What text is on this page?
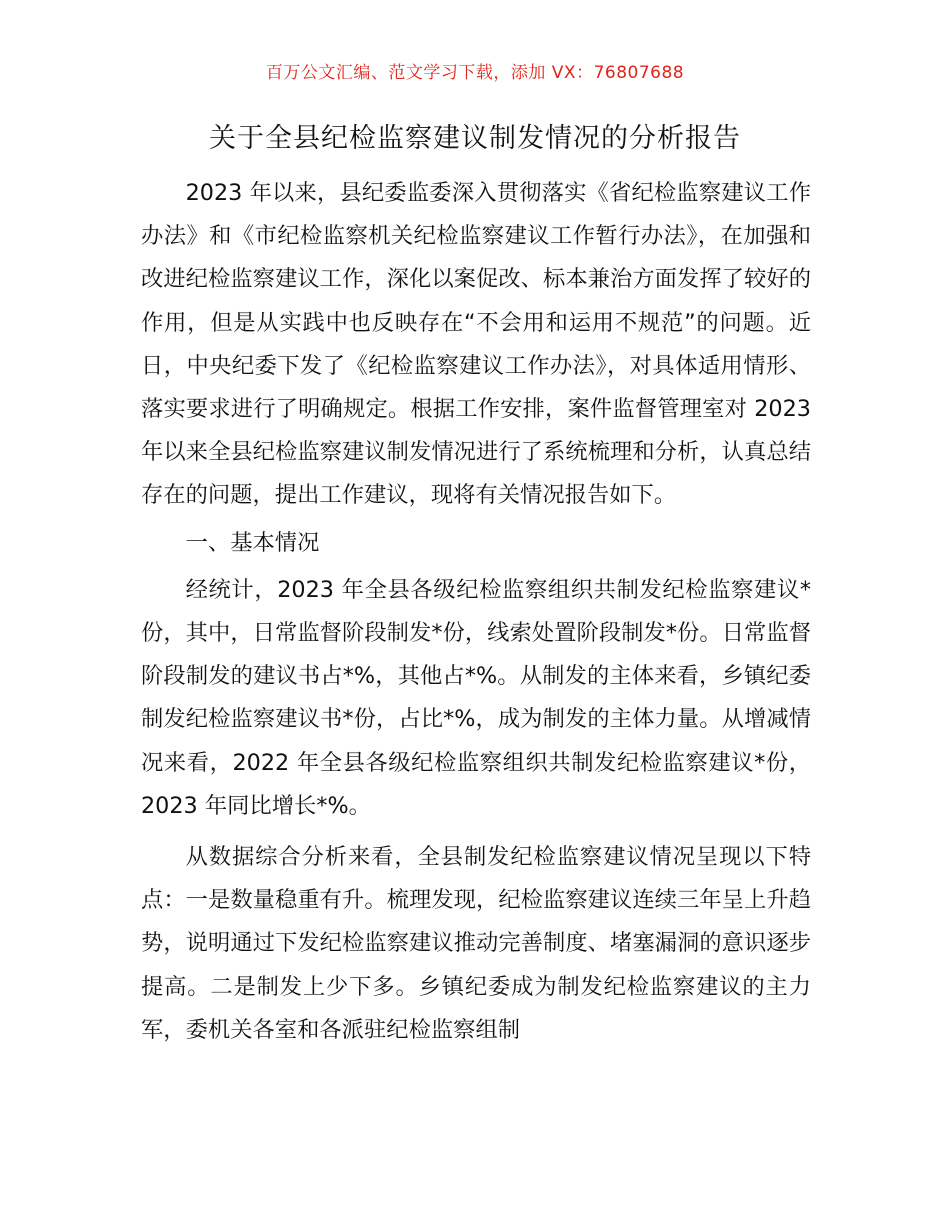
百万公文汇编、范文学习下载，添加 VX：76807688
关于全县纪检监察建议制发情况的分析报告

2023 年以来，县纪委监委深入贯彻落实《省纪检监察建议工作办法》和《市纪检监察机关纪检监察建议工作暂行办法》，在加强和改进纪检监察建议工作，深化以案促改、标本兼治方面发挥了较好的作用，但是从实践中也反映存在“不会用和运用不规范”的问题。近日，中央纪委下发了《纪检监察建议工作办法》，对具体适用情形、落实要求进行了明确规定。根据工作安排，案件监督管理室对 2023 年以来全县纪检监察建议制发情况进行了系统梳理和分析，认真总结存在的问题，提出工作建议，现将有关情况报告如下。

一、基本情况

经统计，2023 年全县各级纪检监察组织共制发纪检监察建议*份，其中，日常监督阶段制发*份，线索处置阶段制发*份。日常监督阶段制发的建议书占*%，其他占*%。从制发的主体来看，乡镇纪委制发纪检监察建议书*份，占比*%，成为制发的主体力量。从增减情况来看，2022 年全县各级纪检监察组织共制发纪检监察建议*份，2023 年同比增长*%。

从数据综合分析来看，全县制发纪检监察建议情况呈现以下特点：一是数量稳重有升。梳理发现，纪检监察建议连续三年呈上升趋势，说明通过下发纪检监察建议推动完善制度、堵塞漏洞的意识逐步提高。二是制发上少下多。乡镇纪委成为制发纪检监察建议的主力军，委机关各室和各派驻纪检监察组制
